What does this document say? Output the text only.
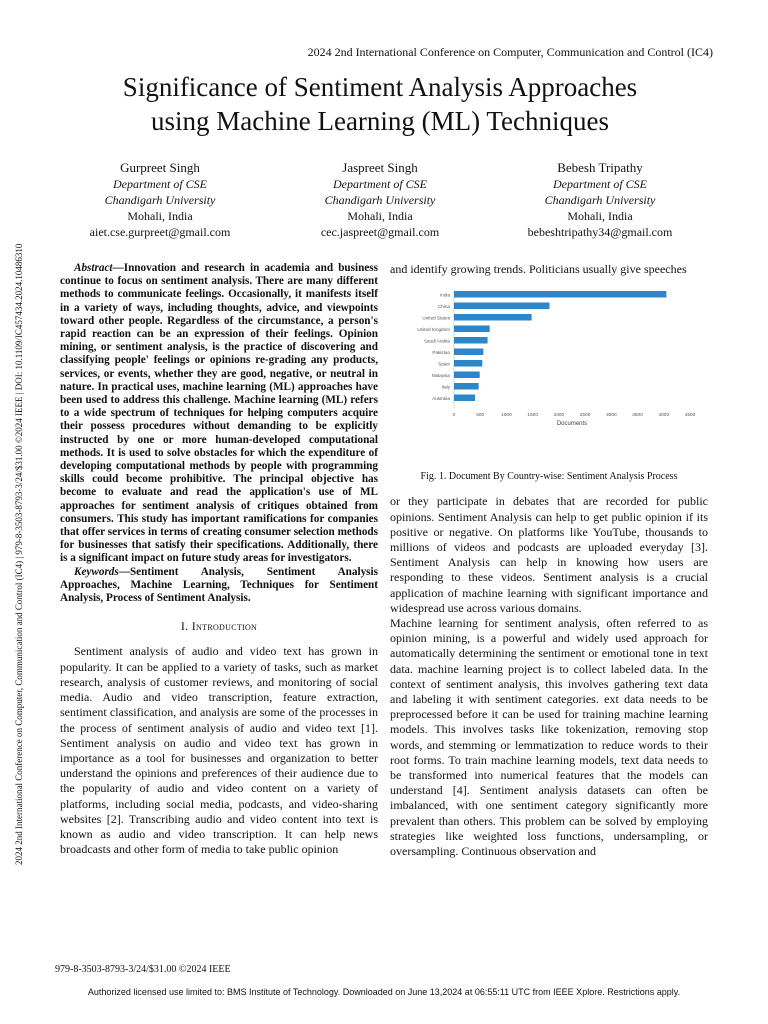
2024 2nd International Conference on Computer, Communication and Control (IC4)
Significance of Sentiment Analysis Approaches
using Machine Learning (ML) Techniques
Gurpreet Singh
Department of CSE
Chandigarh University
Mohali, India
aiet.cse.gurpreet@gmail.com
Jaspreet Singh
Department of CSE
Chandigarh University
Mohali, India
cec.jaspreet@gmail.com
Bebesh Tripathy
Department of CSE
Chandigarh University
Mohali, India
bebeshtripathy34@gmail.com
2024 2nd International Conference on Computer, Communication and Control (IC4) | 979-8-3503-8793-3/24/$31.00 ©2024 IEEE | DOI: 10.1109/IC457434.2024.10486310	Abstract—Innovation and research in academia and business continue to focus on sentiment analysis. There are many different methods to communicate feelings. Occasionally, it manifests itself in a variety of ways, including thoughts, advice, and viewpoints toward other people. Regardless of the circumstance, a person's rapid reaction can be an expression of their feelings. Opinion mining, or sentiment analysis, is the practice of discovering and classifying people' feelings or opinions re-grading any products, services, or events, whether they are good, negative, or neutral in nature. In practical uses, machine learning (ML) approaches have been used to address this challenge. Machine learning (ML) refers to a wide spectrum of techniques for helping computers acquire their possess procedures without demanding to be explicitly instructed by one or more human-developed computational methods. It is used to solve obstacles for which the expenditure of developing computational methods by people with programming skills could become prohibitive. The principal objective has become to evaluate and read the application's use of ML approaches for sentiment analysis of critiques obtained from consumers. This study has important ramifications for companies that offer services in terms of creating consumer selection methods for businesses that satisfy their specifications. Additionally, there is a significant impact on future study areas for investigators.

Keywords—Sentiment Analysis, Sentiment Analysis Approaches, Machine Learning, Techniques for Sentiment Analysis, Process of Sentiment Analysis.

I. Introduction

Sentiment analysis of audio and video text has grown in popularity. It can be applied to a variety of tasks, such as market research, analysis of customer reviews, and monitoring of social media. Audio and video transcription, feature extraction, sentiment classification, and analysis are some of the processes in the process of sentiment analysis of audio and video text [1]. Sentiment analysis on audio and video text has grown in importance as a tool for businesses and organization to better understand the opinions and preferences of their audience due to the popularity of audio and video content on a variety of platforms, including social media, podcasts, and video-sharing websites [2]. Transcribing audio and video content into text is known as audio and video transcription. It can help news broadcasts and other form of media to take public opinion

and identify growing trends. Politicians usually give speeches

India
China
United States
United Kingdom
Saudi Arabia
Pakistan
Spain
Malaysia
Italy
Australia
0	500	1000	1500	2000	2500	3000	3500	4000	4500
Documents
Fig. 1. Document By Country-wise: Sentiment Analysis Process

or they participate in debates that are recorded for public opinions. Sentiment Analysis can help to get public opinion if its positive or negative. On platforms like YouTube, thousands to millions of videos and podcasts are uploaded everyday [3]. Sentiment Analysis can help in knowing how users are responding to these videos. Sentiment analysis is a crucial application of machine learning with significant importance and widespread use across various domains.

Machine learning for sentiment analysis, often referred to as opinion mining, is a powerful and widely used approach for automatically determining the sentiment or emotional tone in text data. machine learning project is to collect labeled data. In the context of sentiment analysis, this involves gathering text data and labeling it with sentiment categories. ext data needs to be preprocessed before it can be used for training machine learning models. This involves tasks like tokenization, removing stop words, and stemming or lemmatization to reduce words to their root forms. To train machine learning models, text data needs to be transformed into numerical features that the models can understand [4]. Sentiment analysis datasets can often be imbalanced, with one sentiment category significantly more prevalent than others. This problem can be solved by employing strategies like weighted loss functions, undersampling, or oversampling. Continuous observation and

979-8-3503-8793-3/24/$31.00 ©2024 IEEE
Authorized licensed use limited to: BMS Institute of Technology. Downloaded on June 13,2024 at 06:55:11 UTC from IEEE Xplore. Restrictions apply.
